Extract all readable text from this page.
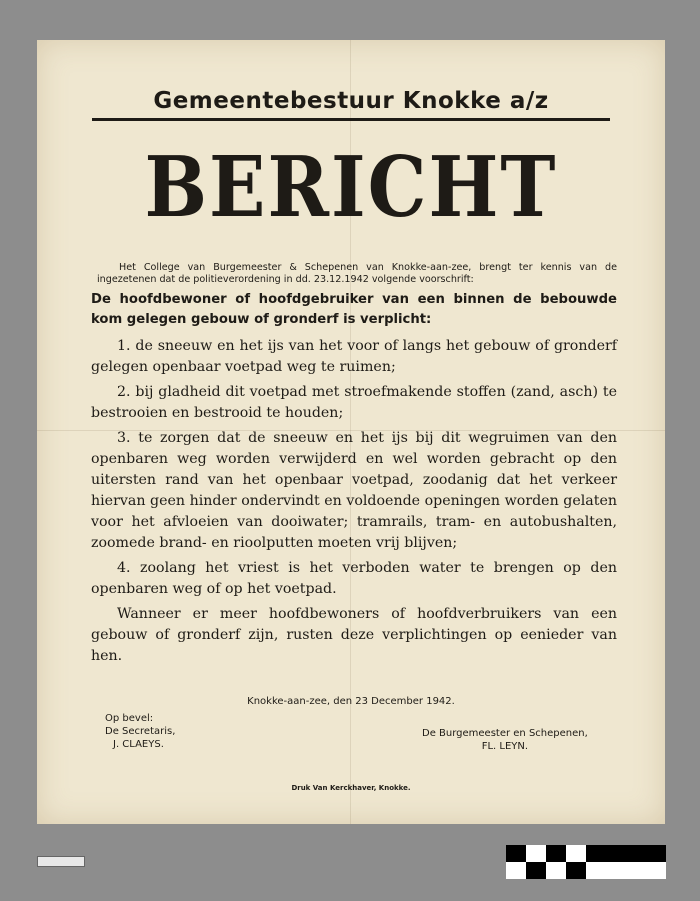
Gemeentebestuur Knokke a/z
BERICHT
Het College van Burgemeester & Schepenen van Knokke-aan-zee, brengt ter kennis van de ingezetenen dat de politieverordening in dd. 23.12.1942 volgende voorschrift:

De hoofdbewoner of hoofdgebruiker van een binnen de bebouwde kom gelegen gebouw of gronderf is verplicht:

1. de sneeuw en het ijs van het voor of langs het gebouw of gronderf gelegen openbaar voetpad weg te ruimen;

2. bij gladheid dit voetpad met stroefmakende stoffen (zand, asch) te bestrooien en bestrooid te houden;

3. te zorgen dat de sneeuw en het ijs bij dit wegruimen van den openbaren weg worden verwijderd en wel worden gebracht op den uitersten rand van het openbaar voetpad, zoodanig dat het verkeer hiervan geen hinder ondervindt en voldoende openingen worden gelaten voor het afvloeien van dooiwater; tramrails, tram- en autobushalten, zoomede brand- en rioolputten moeten vrij blijven;

4. zoolang het vriest is het verboden water te brengen op den openbaren weg of op het voetpad.

Wanneer er meer hoofdbewoners of hoofdverbruikers van een gebouw of gronderf zijn, rusten deze verplichtingen op eenieder van hen.

Knokke-aan-zee, den 23 December 1942.
Op bevel:
De Secretaris,
J. CLAEYS.
De Burgemeester en Schepenen,
FL. LEYN.
Druk Van Kerckhaver, Knokke.
